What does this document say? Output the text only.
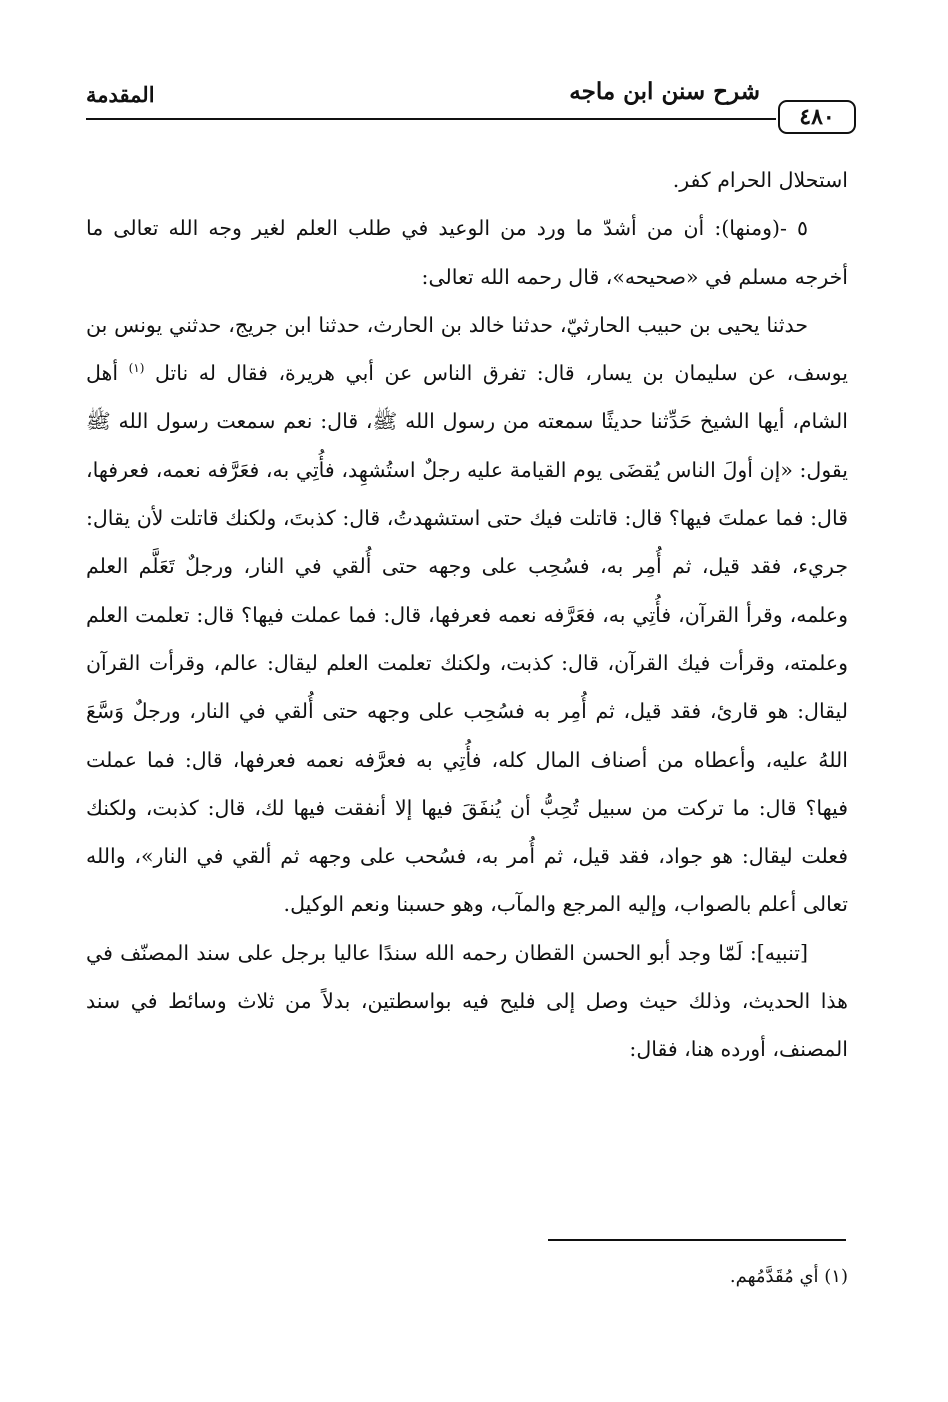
المقدمة	شرح سنن ابن ماجه
٤٨٠

استحلال الحرام كفر.

٥ -(ومنها): أن من أشدّ ما ورد من الوعيد في طلب العلم لغير وجه الله تعالى ما أخرجه مسلم في «صحيحه»، قال رحمه الله تعالى:

حدثنا يحيى بن حبيب الحارثيّ، حدثنا خالد بن الحارث، حدثنا ابن جريج، حدثني يونس بن يوسف، عن سليمان بن يسار، قال: تفرق الناس عن أبي هريرة، فقال له ناتل $^{(١)}$ أهل الشام، أيها الشيخ حَدِّثنا حديثًا سمعته من رسول الله ﷺ، قال: نعم سمعت رسول الله ﷺ يقول: «إن أولَ الناس يُقضَى يوم القيامة عليه رجلٌ استُشهِد، فأُتِي به، فعَرَّفه نعمه، فعرفها، قال: فما عملتَ فيها؟ قال: قاتلت فيك حتى استشهدتُ، قال: كذبتَ، ولكنك قاتلت لأن يقال: جريء، فقد قيل، ثم أُمِر به، فسُحِب على وجهه حتى أُلقي في النار، ورجلٌ تَعَلَّم العلم وعلمه، وقرأ القرآن، فأُتِي به، فعَرَّفه نعمه فعرفها، قال: فما عملت فيها؟ قال: تعلمت العلم وعلمته، وقرأت فيك القرآن، قال: كذبت، ولكنك تعلمت العلم ليقال: عالم، وقرأت القرآن ليقال: هو قارئ، فقد قيل، ثم أُمِر به فسُحِب على وجهه حتى أُلقي في النار، ورجلٌ وَسَّعَ اللهُ عليه، وأعطاه من أصناف المال كله، فأُتِي به فعرَّفه نعمه فعرفها، قال: فما عملت فيها؟ قال: ما تركت من سبيل تُحِبُّ أن يُنفَقَ فيها إلا أنفقت فيها لك، قال: كذبت، ولكنك فعلت ليقال: هو جواد، فقد قيل، ثم أُمر به، فسُحب على وجهه ثم ألقي في النار»، والله تعالى أعلم بالصواب، وإليه المرجع والمآب، وهو حسبنا ونعم الوكيل.

[تنبيه]: لَمّا وجد أبو الحسن القطان رحمه الله سندًا عاليا برجل على سند المصنّف في هذا الحديث، وذلك حيث وصل إلى فليح فيه بواسطتين، بدلاً من ثلاث وسائط في سند المصنف، أورده هنا، فقال:

(١) أي مُقَدَّمُهم.
